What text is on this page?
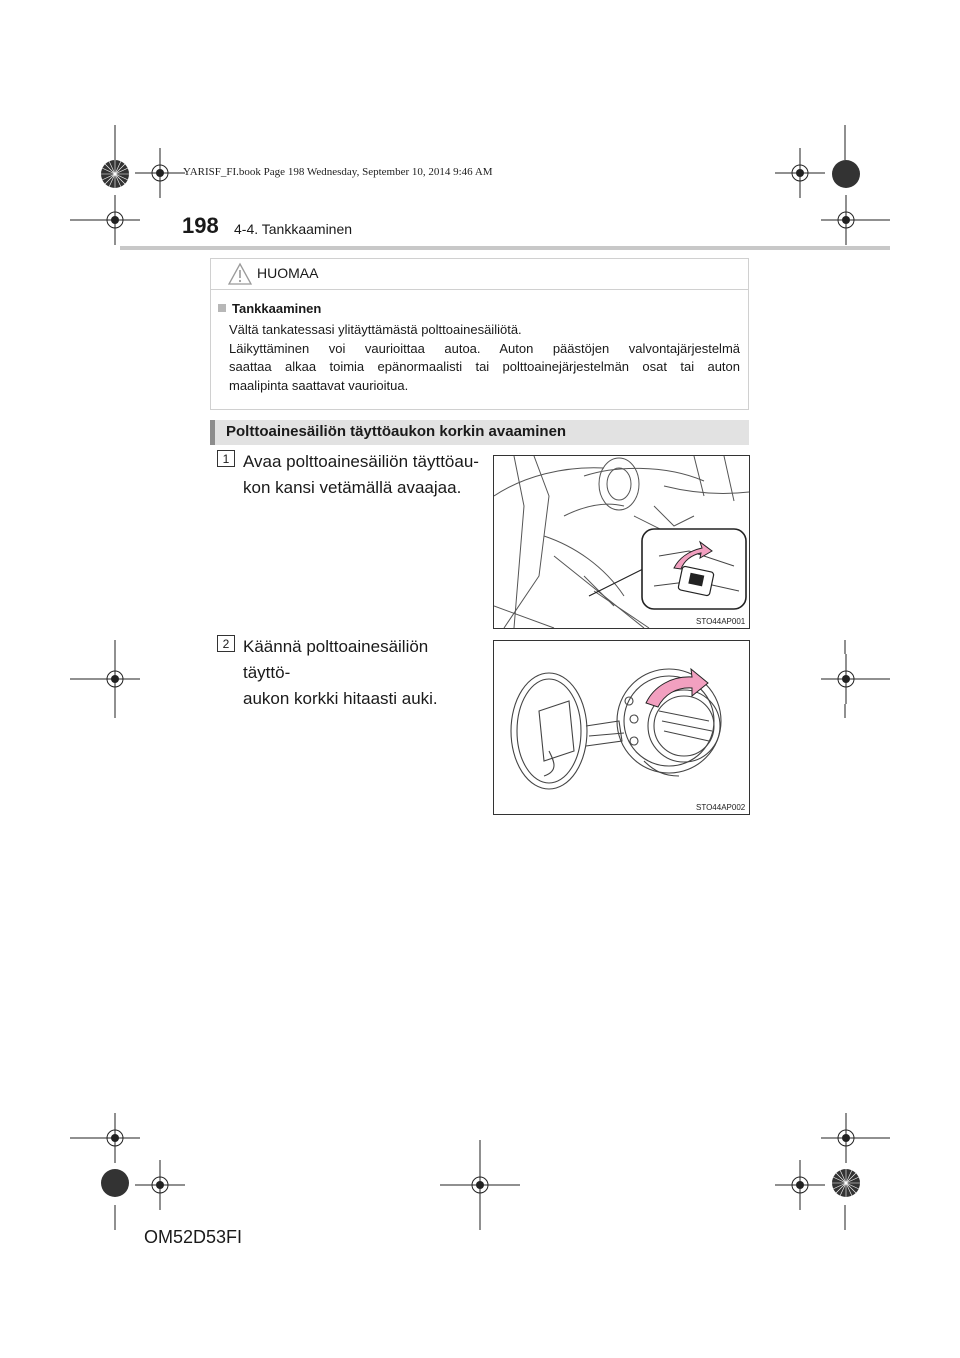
YARISF_FI.book Page 198 Wednesday, September 10, 2014 9:46 AM
198 4-4. Tankkaaminen
HUOMAA
Tankkaaminen
Vältä tankatessasi ylitäyttämästä polttoainesäiliötä.
Läikyttäminen voi vaurioittaa autoa. Auton päästöjen valvontajärjestelmä
saattaa alkaa toimia epänormaalisti tai polttoainejärjestelmän osat tai auton
maalipinta saattavat vaurioitua.
Polttoainesäiliön täyttöaukon korkin avaaminen
1 Avaa polttoainesäiliön täyttöau-
kon kansi vetämällä avaajaa.
STO44AP001
2 Käännä polttoainesäiliön täyttö-
aukon korkki hitaasti auki.
STO44AP002
OM52D53FI
